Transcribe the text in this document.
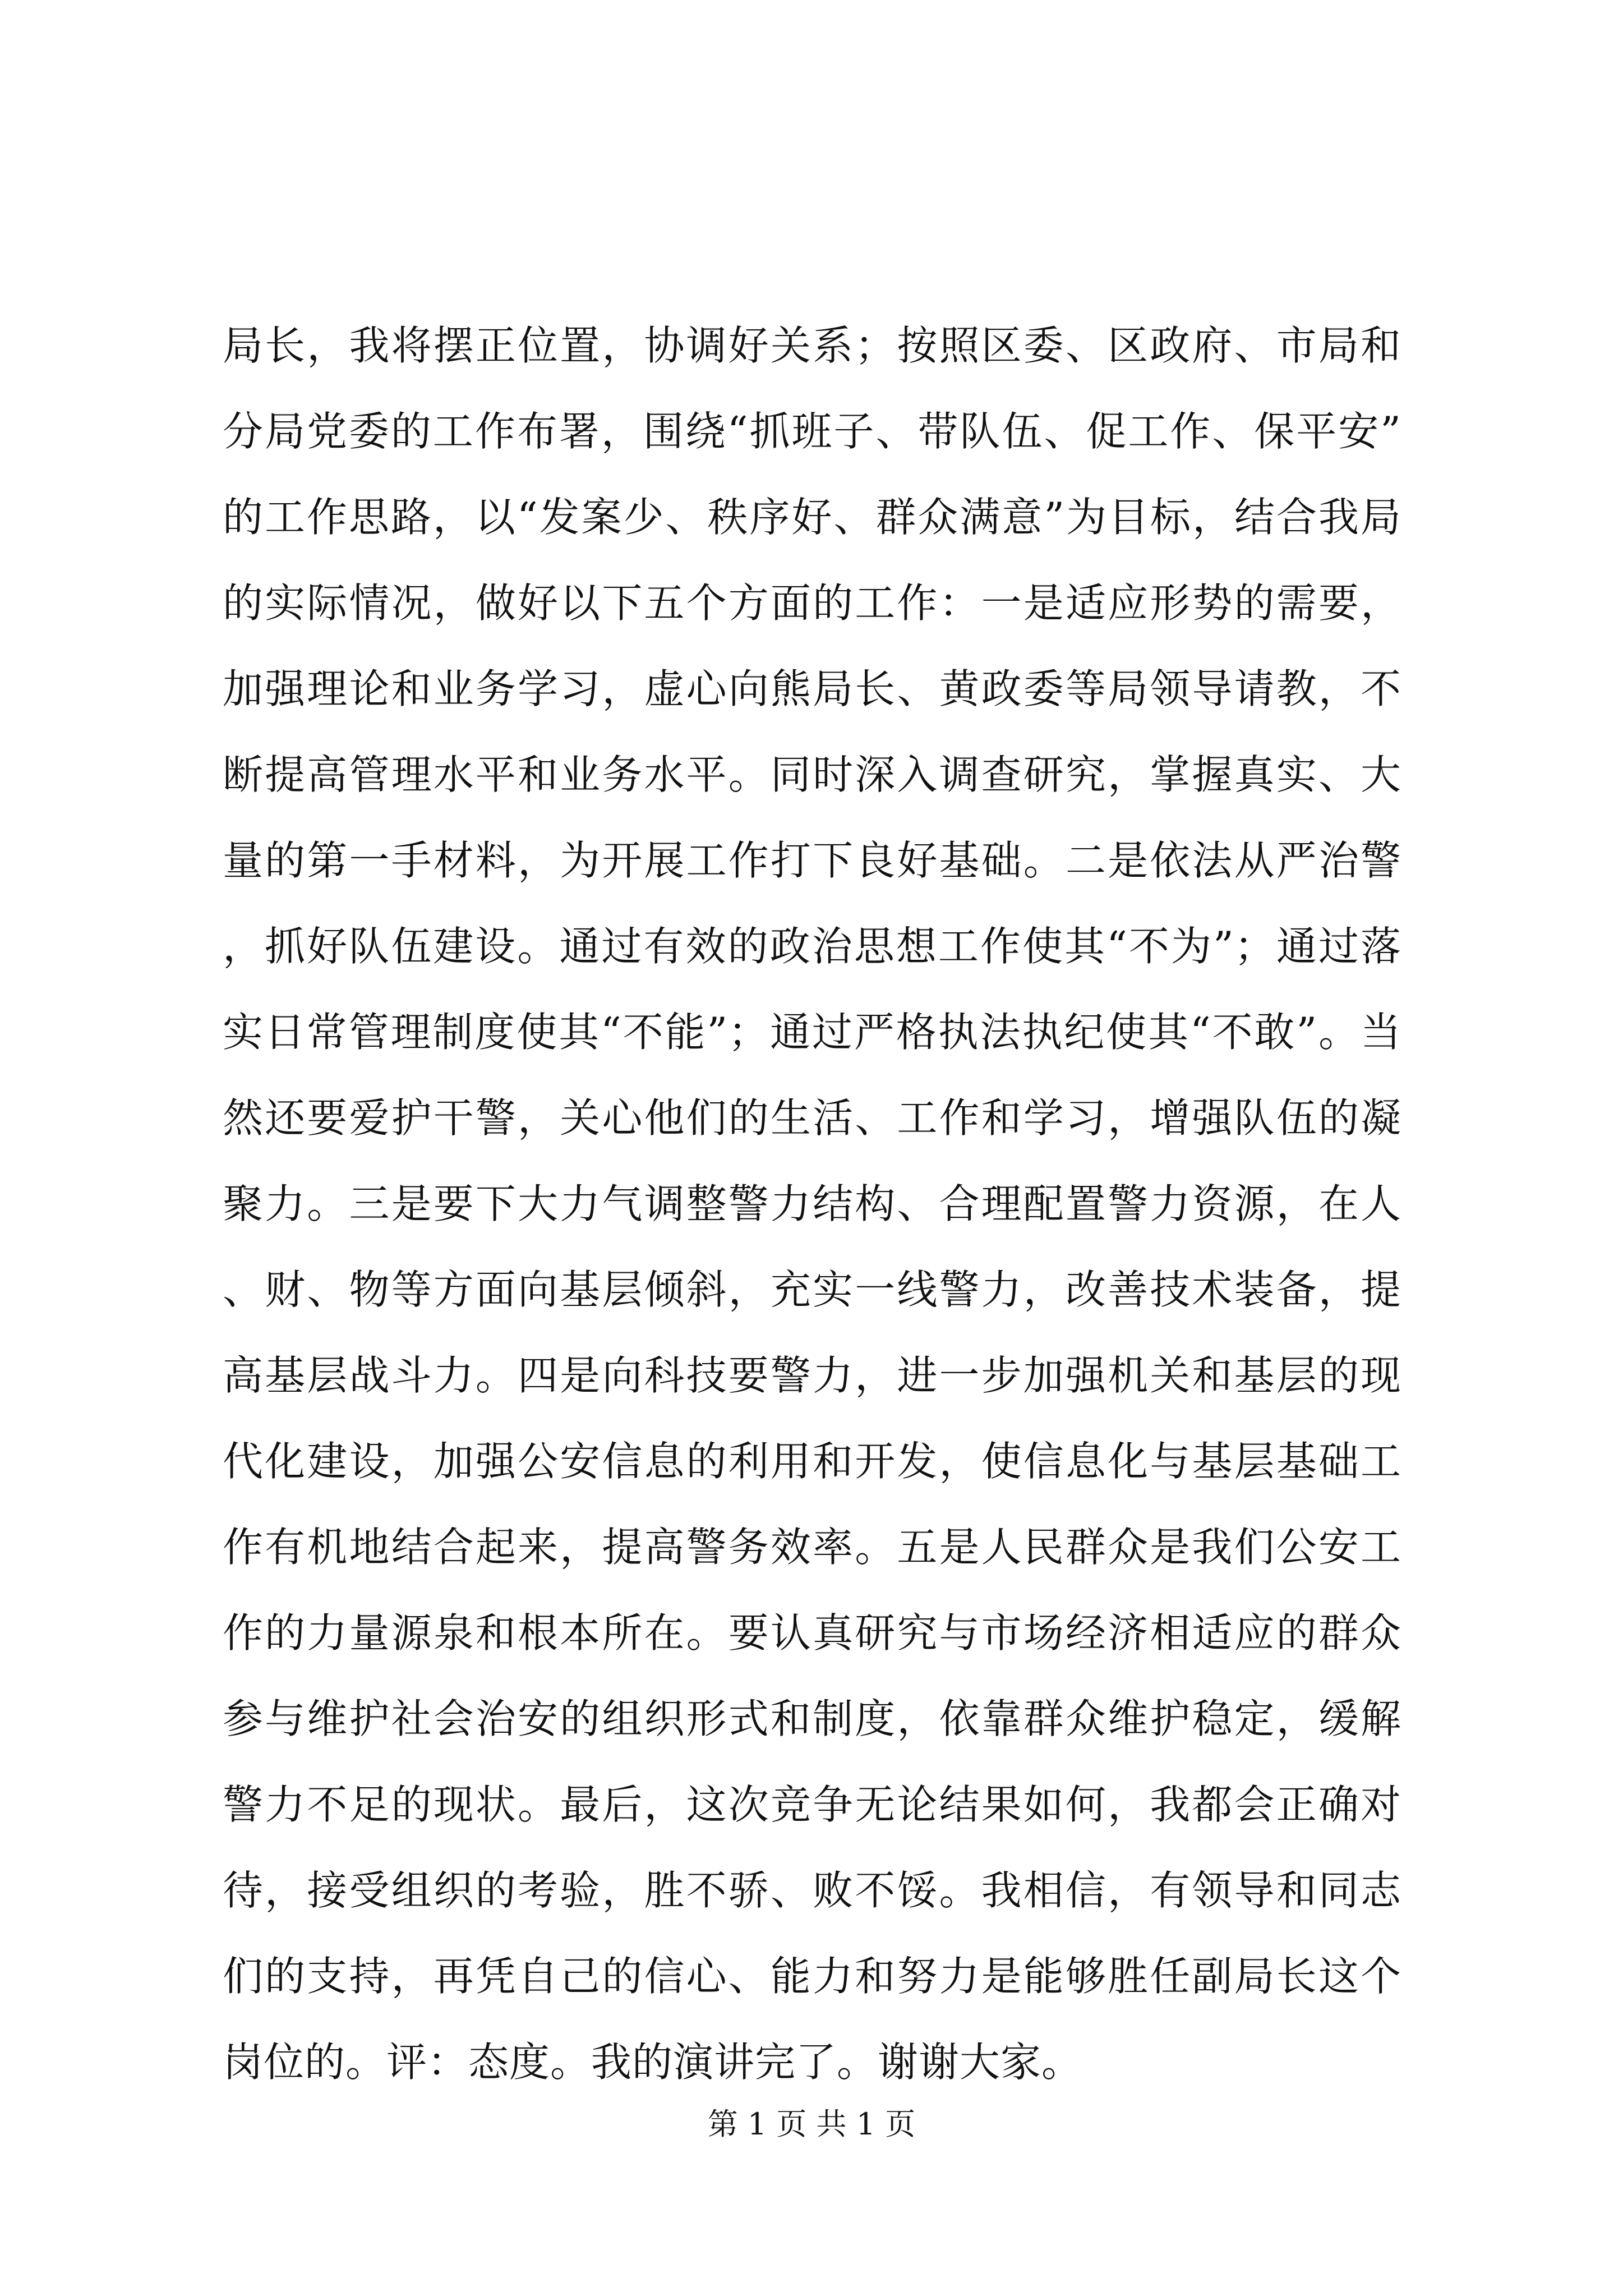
局长，我将摆正位置，协调好关系；按照区委、区政府、市局和分局党委的工作布署，围绕“抓班子、带队伍、促工作、保平安”的工作思路，以“发案少、秩序好、群众满意”为目标，结合我局的实际情况，做好以下五个方面的工作：一是适应形势的需要，加强理论和业务学习，虚心向熊局长、黄政委等局领导请教，不断提高管理水平和业务水平。同时深入调查研究，掌握真实、大量的第一手材料，为开展工作打下良好基础。二是依法从严治警，抓好队伍建设。通过有效的政治思想工作使其“不为”；通过落实日常管理制度使其“不能”；通过严格执法执纪使其“不敢”。当然还要爱护干警，关心他们的生活、工作和学习，增强队伍的凝聚力。三是要下大力气调整警力结构、合理配置警力资源，在人、财、物等方面向基层倾斜，充实一线警力，改善技术装备，提高基层战斗力。四是向科技要警力，进一步加强机关和基层的现代化建设，加强公安信息的利用和开发，使信息化与基层基础工作有机地结合起来，提高警务效率。五是人民群众是我们公安工作的力量源泉和根本所在。要认真研究与市场经济相适应的群众参与维护社会治安的组织形式和制度，依靠群众维护稳定，缓解警力不足的现状。最后，这次竞争无论结果如何，我都会正确对待，接受组织的考验，胜不骄、败不馁。我相信，有领导和同志们的支持，再凭自己的信心、能力和努力是能够胜任副局长这个岗位的。评：态度。我的演讲完了。谢谢大家。

第 1 页 共 1 页
